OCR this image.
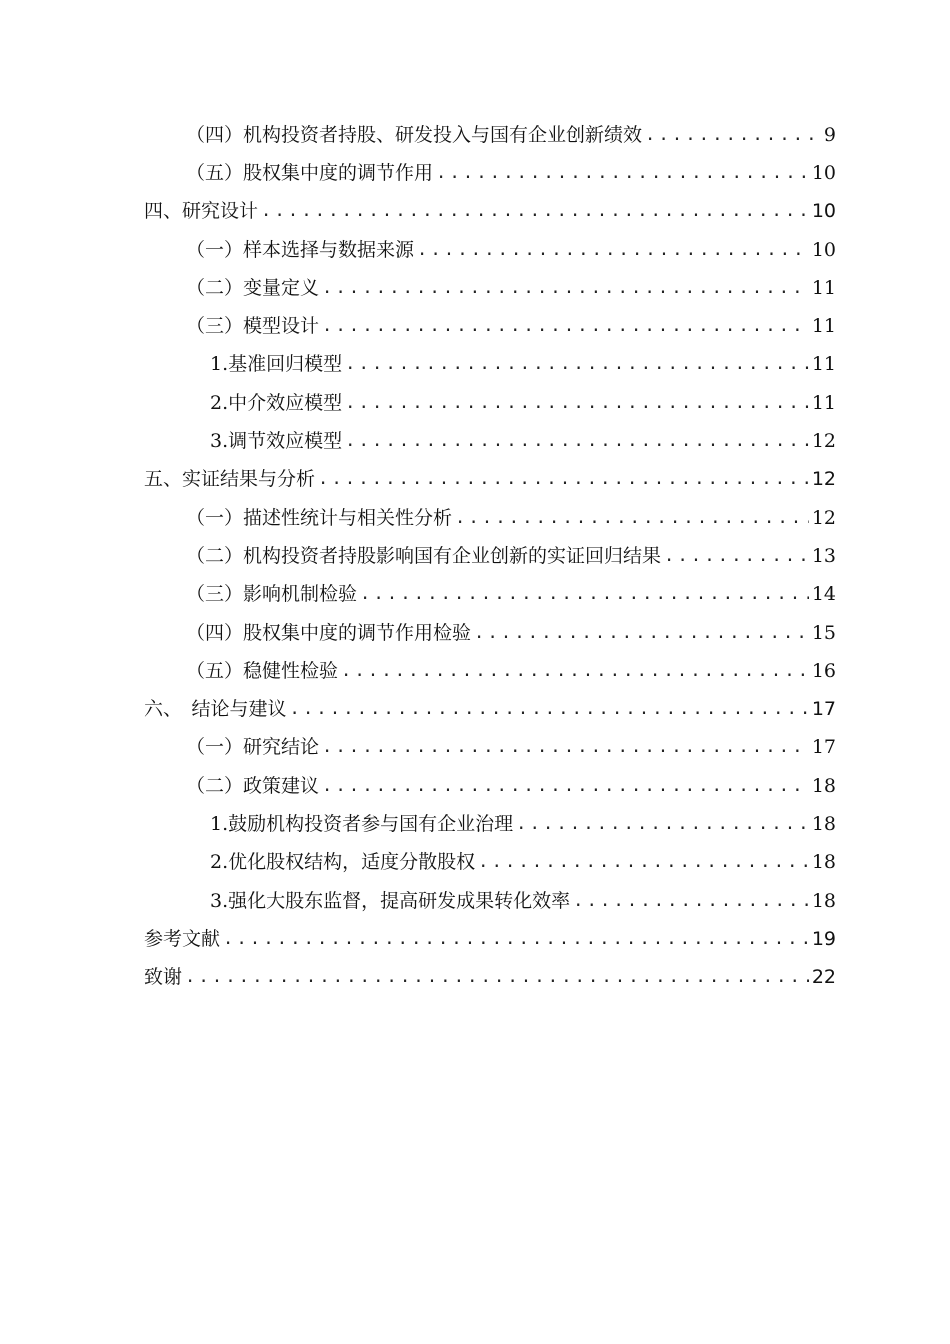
（四）机构投资者持股、研发投入与国有企业创新绩效 .....	9
（五）股权集中度的调节作用 .....	10
四、研究设计 .....	10
（一）样本选择与数据来源 .....	10
（二）变量定义 .....	11
（三）模型设计 .....	11
1.基准回归模型 .....	11
2.中介效应模型 .....	11
3.调节效应模型 .....	12
五、实证结果与分析 .....	12
（一）描述性统计与相关性分析 .....	12
（二）机构投资者持股影响国有企业创新的实证回归结果 .....	13
（三）影响机制检验 .....	14
（四）股权集中度的调节作用检验 .....	15
（五）稳健性检验 .....	16
六、　结论与建议 .....	17
（一）研究结论 .....	17
（二）政策建议 .....	18
1.鼓励机构投资者参与国有企业治理 .....	18
2.优化股权结构，适度分散股权 .....	18
3.强化大股东监督，提高研发成果转化效率 .....	18
参考文献 .....	19
致谢 .....	22
